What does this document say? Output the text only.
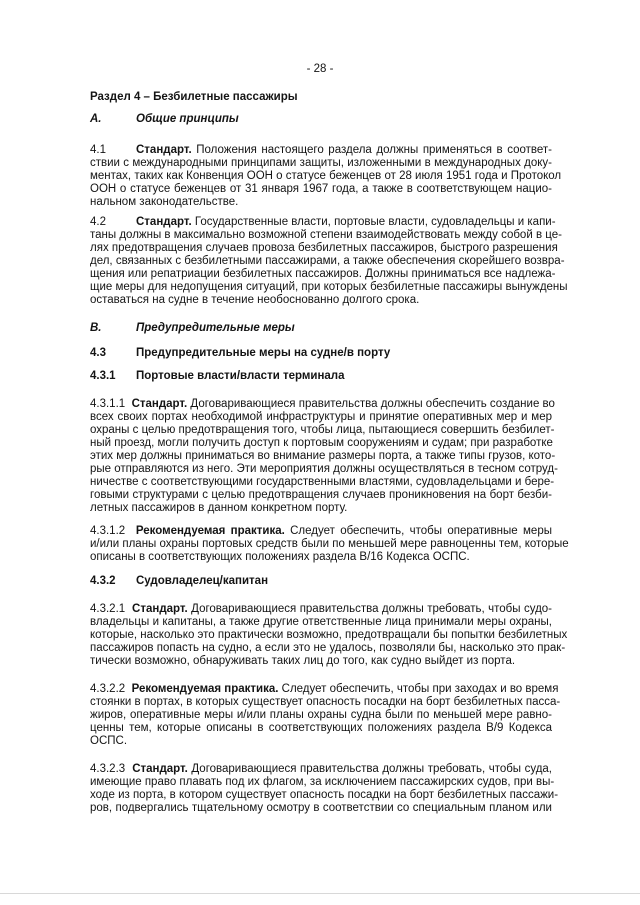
- 28 -
Раздел 4 – Безбилетные пассажиры
А.	Общие принципы
4.1	Стандарт. Положения настоящего раздела должны применяться в соответ-
ствии с международными принципами защиты, изложенными в международных доку-
ментах, таких как Конвенция ООН о статусе беженцев от 28 июля 1951 года и Протокол
ООН о статусе беженцев от 31 января 1967 года, а также в соответствующем нацио-
нальном законодательстве.
4.2	Стандарт. Государственные власти, портовые власти, судовладельцы и капи-
таны должны в максимально возможной степени взаимодействовать между собой в це-
лях предотвращения случаев провоза безбилетных пассажиров, быстрого разрешения
дел, связанных с безбилетными пассажирами, а также обеспечения скорейшего возвра-
щения или репатриации безбилетных пассажиров. Должны приниматься все надлежа-
щие меры для недопущения ситуаций, при которых безбилетные пассажиры вынуждены
оставаться на судне в течение необоснованно долгого срока.
В.	Предупредительные меры
4.3	Предупредительные меры на судне/в порту
4.3.1 Портовые власти/власти терминала
4.3.1.1 Стандарт. Договаривающиеся правительства должны обеспечить создание во
всех своих портах необходимой инфраструктуры и принятие оперативных мер и мер
охраны с целью предотвращения того, чтобы лица, пытающиеся совершить безбилет-
ный проезд, могли получить доступ к портовым сооружениям и судам; при разработке
этих мер должны приниматься во внимание размеры порта, а также типы грузов, кото-
рые отправляются из него. Эти мероприятия должны осуществляться в тесном сотруд-
ничестве с соответствующими государственными властями, судовладельцами и бере-
говыми структурами с целью предотвращения случаев проникновения на борт безби-
летных пассажиров в данном конкретном порту.
4.3.1.2 Рекомендуемая практика. Следует обеспечить, чтобы оперативные меры
и/или планы охраны портовых средств были по меньшей мере равноценны тем, которые
описаны в соответствующих положениях раздела В/16 Кодекса ОСПС.
4.3.2 Судовладелец/капитан
4.3.2.1 Стандарт. Договаривающиеся правительства должны требовать, чтобы судо-
владельцы и капитаны, а также другие ответственные лица принимали меры охраны,
которые, насколько это практически возможно, предотвращали бы попытки безбилетных
пассажиров попасть на судно, а если это не удалось, позволяли бы, насколько это прак-
тически возможно, обнаруживать таких лиц до того, как судно выйдет из порта.
4.3.2.2 Рекомендуемая практика. Следует обеспечить, чтобы при заходах и во время
стоянки в портах, в которых существует опасность посадки на борт безбилетных пасса-
жиров, оперативные меры и/или планы охраны судна были по меньшей мере равно-
ценны тем, которые описаны в соответствующих положениях раздела В/9 Кодекса
ОСПС.
4.3.2.3 Стандарт. Договаривающиеся правительства должны требовать, чтобы суда,
имеющие право плавать под их флагом, за исключением пассажирских судов, при вы-
ходе из порта, в котором существует опасность посадки на борт безбилетных пассажи-
ров, подвергались тщательному осмотру в соответствии со специальным планом или
